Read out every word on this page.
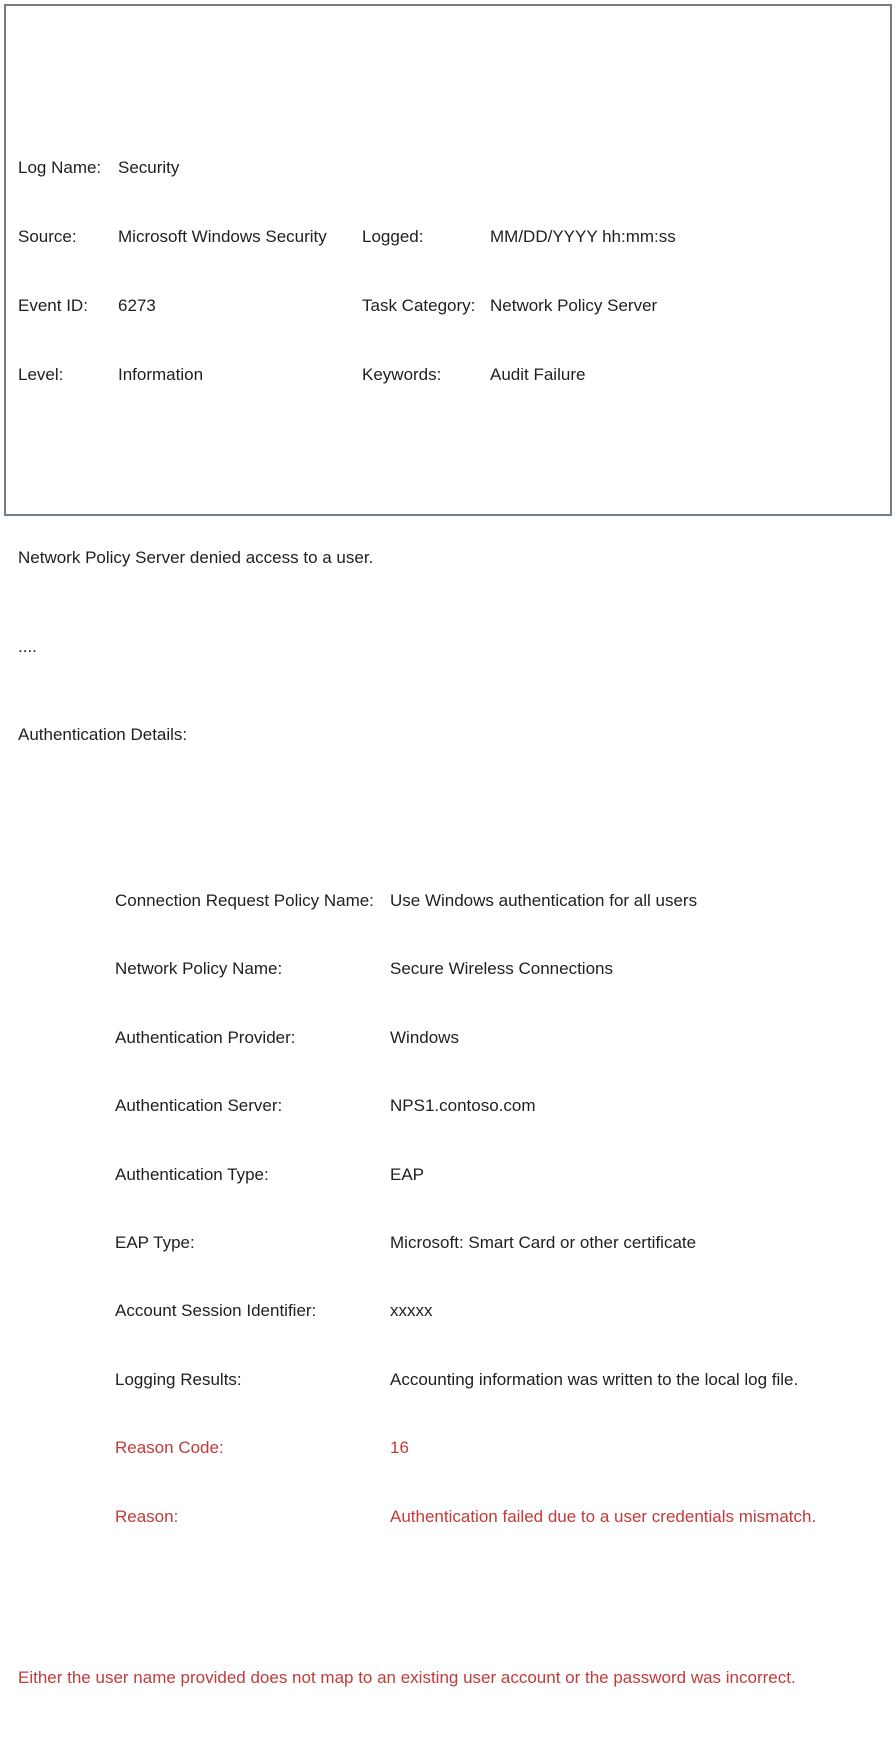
Log Name: Security

Source:	Microsoft Windows Security	Logged:	MM/DD/YYYY hh:mm:ss

Event ID:	6273	Task Category: Network Policy Server

Level:	Information	Keywords:	Audit Failure

Network Policy Server denied access to a user.

....

Authentication Details:

Connection Request Policy Name: Use Windows authentication for all users

Network Policy Name:	Secure Wireless Connections

Authentication Provider:	Windows

Authentication Server:	NPS1.contoso.com

Authentication Type:	EAP

EAP Type:	Microsoft: Smart Card or other certificate

Account Session Identifier:	xxxxx

Logging Results:	Accounting information was written to the local log file.

Reason Code:	16

Reason:	Authentication failed due to a user credentials mismatch.

Either the user name provided does not map to an existing user account or the password was incorrect.
